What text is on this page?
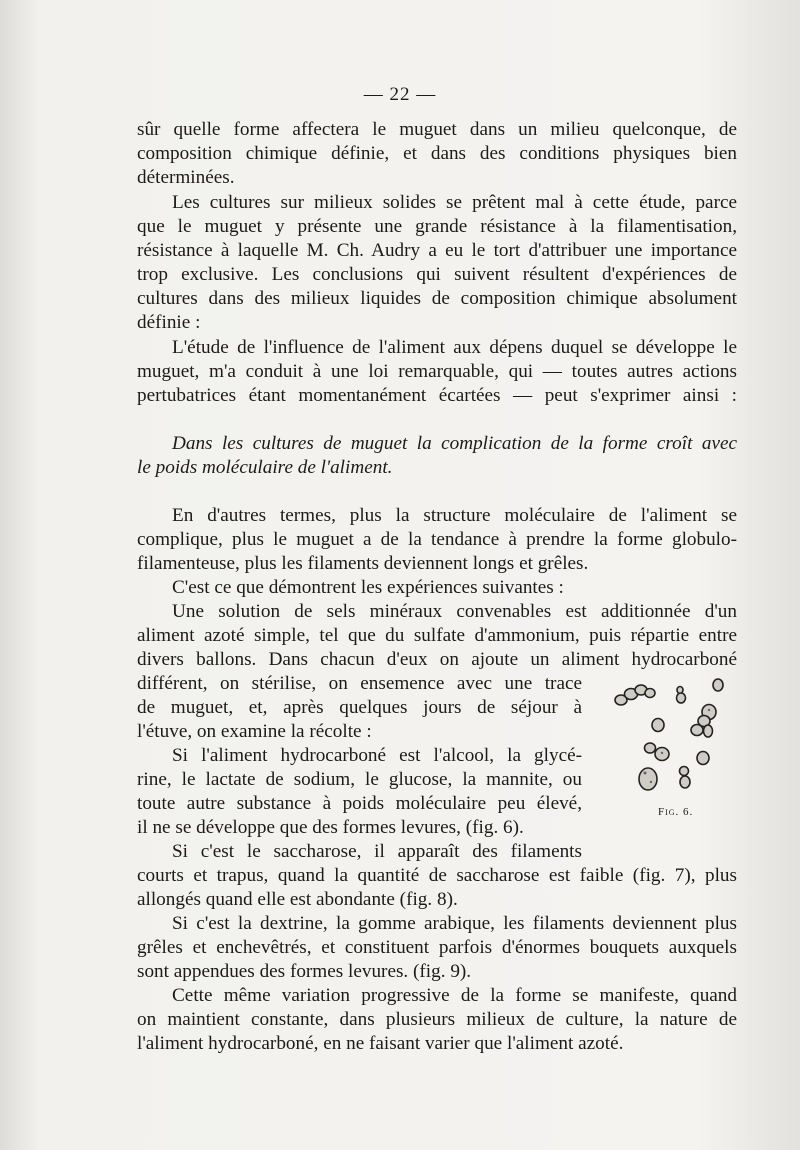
— 22 —
sûr quelle forme affectera le muguet dans un milieu quelconque, de
composition chimique définie, et dans des conditions physiques bien
déterminées.
Les cultures sur milieux solides se prêtent mal à cette étude, parce
que le muguet y présente une grande résistance à la filamentisation,
résistance à laquelle M. Ch. Audry a eu le tort d'attribuer une importance
trop exclusive. Les conclusions qui suivent résultent d'expériences de
cultures dans des milieux liquides de composition chimique absolument
définie :
L'étude de l'influence de l'aliment aux dépens duquel se développe le
muguet, m'a conduit à une loi remarquable, qui — toutes autres actions
pertubatrices étant momentanément écartées — peut s'exprimer ainsi :
Dans les cultures de muguet la complication de la forme croît avec
le poids moléculaire de l'aliment.
En d'autres termes, plus la structure moléculaire de l'aliment se
complique, plus le muguet a de la tendance à prendre la forme globulo-
filamenteuse, plus les filaments deviennent longs et grêles.
C'est ce que démontrent les expériences suivantes :
Une solution de sels minéraux convenables est additionnée d'un
aliment azoté simple, tel que du sulfate d'ammonium, puis répartie entre
divers ballons. Dans chacun d'eux on ajoute un aliment hydrocarboné
différent, on stérilise, on ensemence avec une trace
de muguet, et, après quelques jours de séjour à
l'étuve, on examine la récolte :
Si l'aliment hydrocarboné est l'alcool, la glycé-
rine, le lactate de sodium, le glucose, la mannite, ou
toute autre substance à poids moléculaire peu élevé,
il ne se développe que des formes levures, (fig. 6).
Si c'est le saccharose, il apparaît des filaments
courts et trapus, quand la quantité de saccharose est faible (fig. 7), plus
allongés quand elle est abondante (fig. 8).
Si c'est la dextrine, la gomme arabique, les filaments deviennent plus
grêles et enchevêtrés, et constituent parfois d'énormes bouquets auxquels
sont appendues des formes levures. (fig. 9).
Cette même variation progressive de la forme se manifeste, quand
on maintient constante, dans plusieurs milieux de culture, la nature de
l'aliment hydrocarboné, en ne faisant varier que l'aliment azoté.
Fig. 6.
